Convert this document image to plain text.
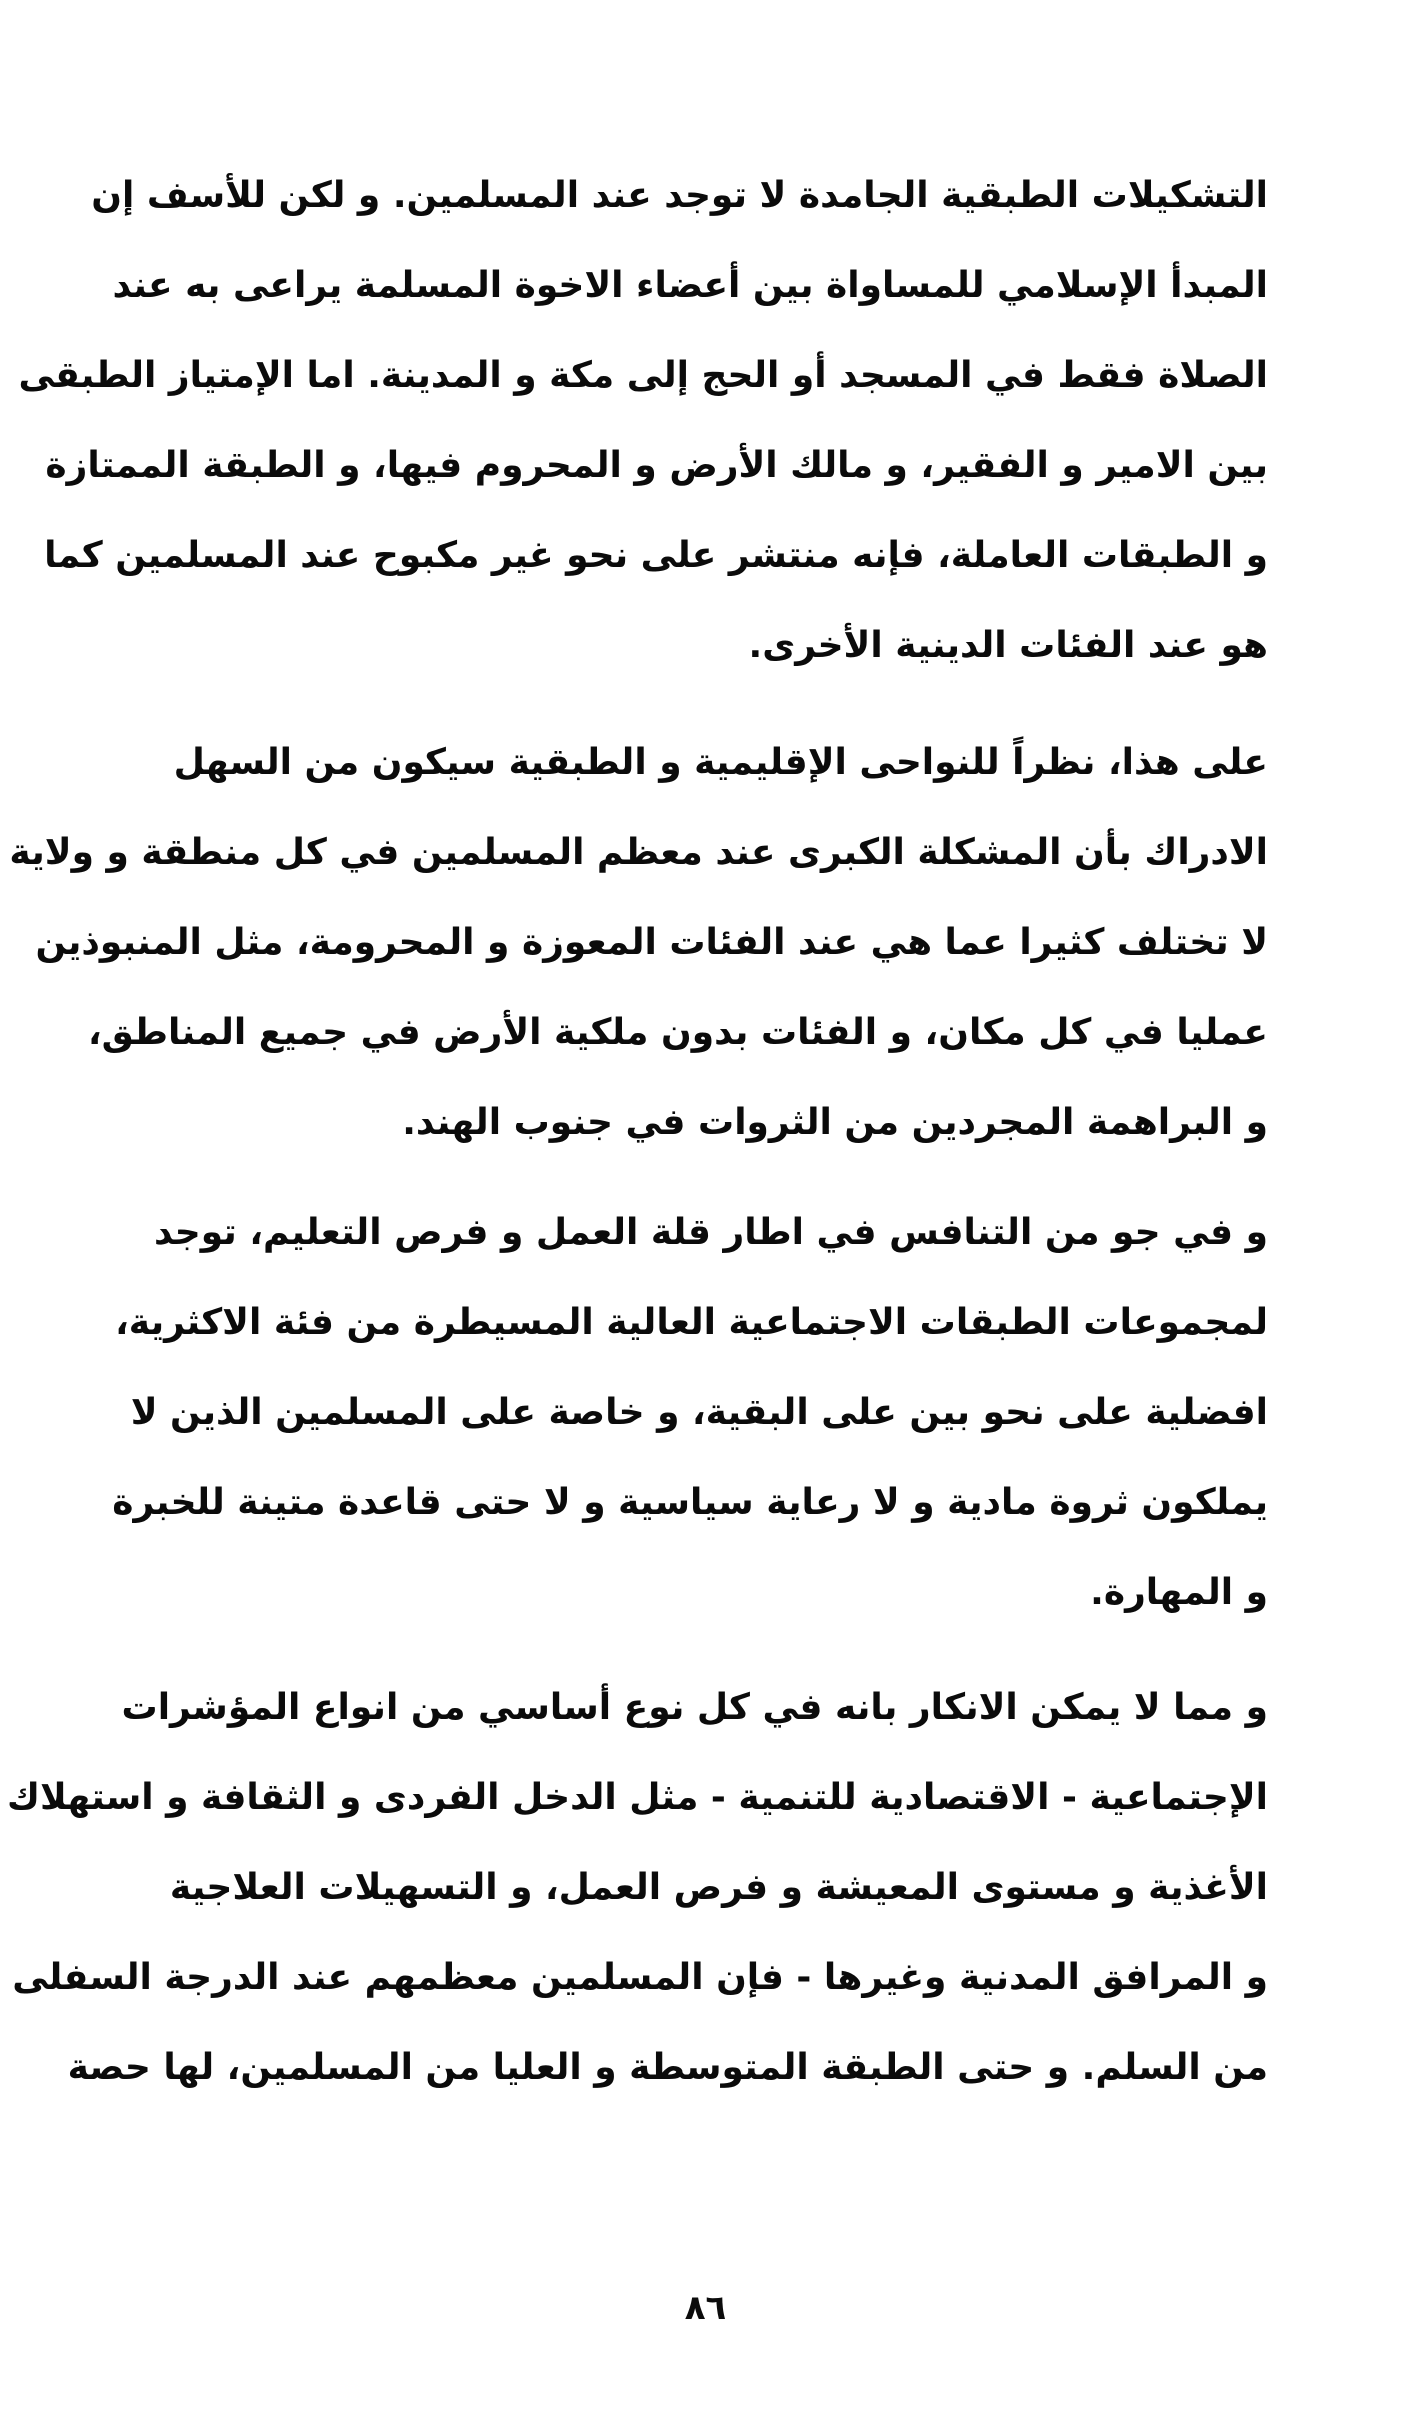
التشكيلات الطبقية الجامدة لا توجد عند المسلمين. و لكن للأسف إن
المبدأ الإسلامي للمساواة بين أعضاء الاخوة المسلمة يراعى به عند
الصلاة فقط في المسجد أو الحج إلى مكة و المدينة. اما الإمتياز الطبقى
بين الامير و الفقير، و مالك الأرض و المحروم فيها، و الطبقة الممتازة
و الطبقات العاملة، فإنه منتشر على نحو غير مكبوح عند المسلمين كما
هو عند الفئات الدينية الأخرى.
على هذا، نظراً للنواحى الإقليمية و الطبقية سيكون من السهل
الادراك بأن المشكلة الكبرى عند معظم المسلمين في كل منطقة و ولاية
لا تختلف كثيرا عما هي عند الفئات المعوزة و المحرومة، مثل المنبوذين
عمليا في كل مكان، و الفئات بدون ملكية الأرض في جميع المناطق،
و البراهمة المجردين من الثروات في جنوب الهند.
و في جو من التنافس في اطار قلة العمل و فرص التعليم، توجد
لمجموعات الطبقات الاجتماعية العالية المسيطرة من فئة الاكثرية،
افضلية على نحو بين على البقية، و خاصة على المسلمين الذين لا
يملكون ثروة مادية و لا رعاية سياسية و لا حتى قاعدة متينة للخبرة
و المهارة.
و مما لا يمكن الانكار بانه في كل نوع أساسي من انواع المؤشرات
الإجتماعية - الاقتصادية للتنمية - مثل الدخل الفردى و الثقافة و استهلاك
الأغذية و مستوى المعيشة و فرص العمل، و التسهيلات العلاجية
و المرافق المدنية وغيرها - فإن المسلمين معظمهم عند الدرجة السفلى
من السلم. و حتى الطبقة المتوسطة و العليا من المسلمين، لها حصة
٨٦
